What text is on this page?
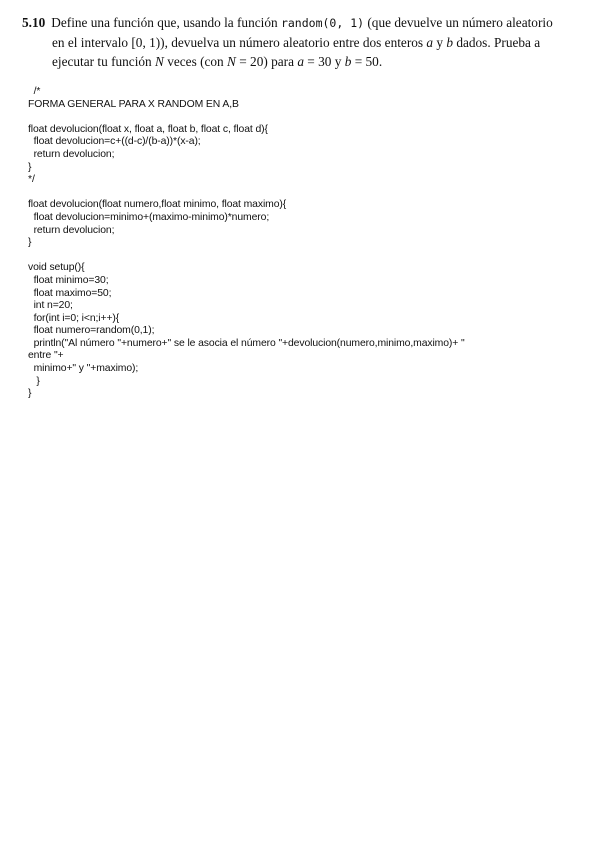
5.10 Define una función que, usando la función random(0, 1) (que devuelve un número aleatorio
en el intervalo [0, 1)), devuelva un número aleatorio entre dos enteros a y b dados. Prueba a
ejecutar tu función N veces (con N = 20) para a = 30 y b = 50.
/*
FORMA GENERAL PARA X RANDOM EN A,B
float devolucion(float x, float a, float b, float c, float d){
float devolucion=c+((d-c)/(b-a))*(x-a);
return devolucion;
}
*/
float devolucion(float numero,float minimo, float maximo){
float devolucion=minimo+(maximo-minimo)*numero;
return devolucion;
}
void setup(){
float minimo=30;
float maximo=50;
int n=20;
for(int i=0; i<n;i++){
float numero=random(0,1);
println("Al número "+numero+" se le asocia el número "+devolucion(numero,minimo,maximo)+ "
entre "+
minimo+" y "+maximo);
}
}
